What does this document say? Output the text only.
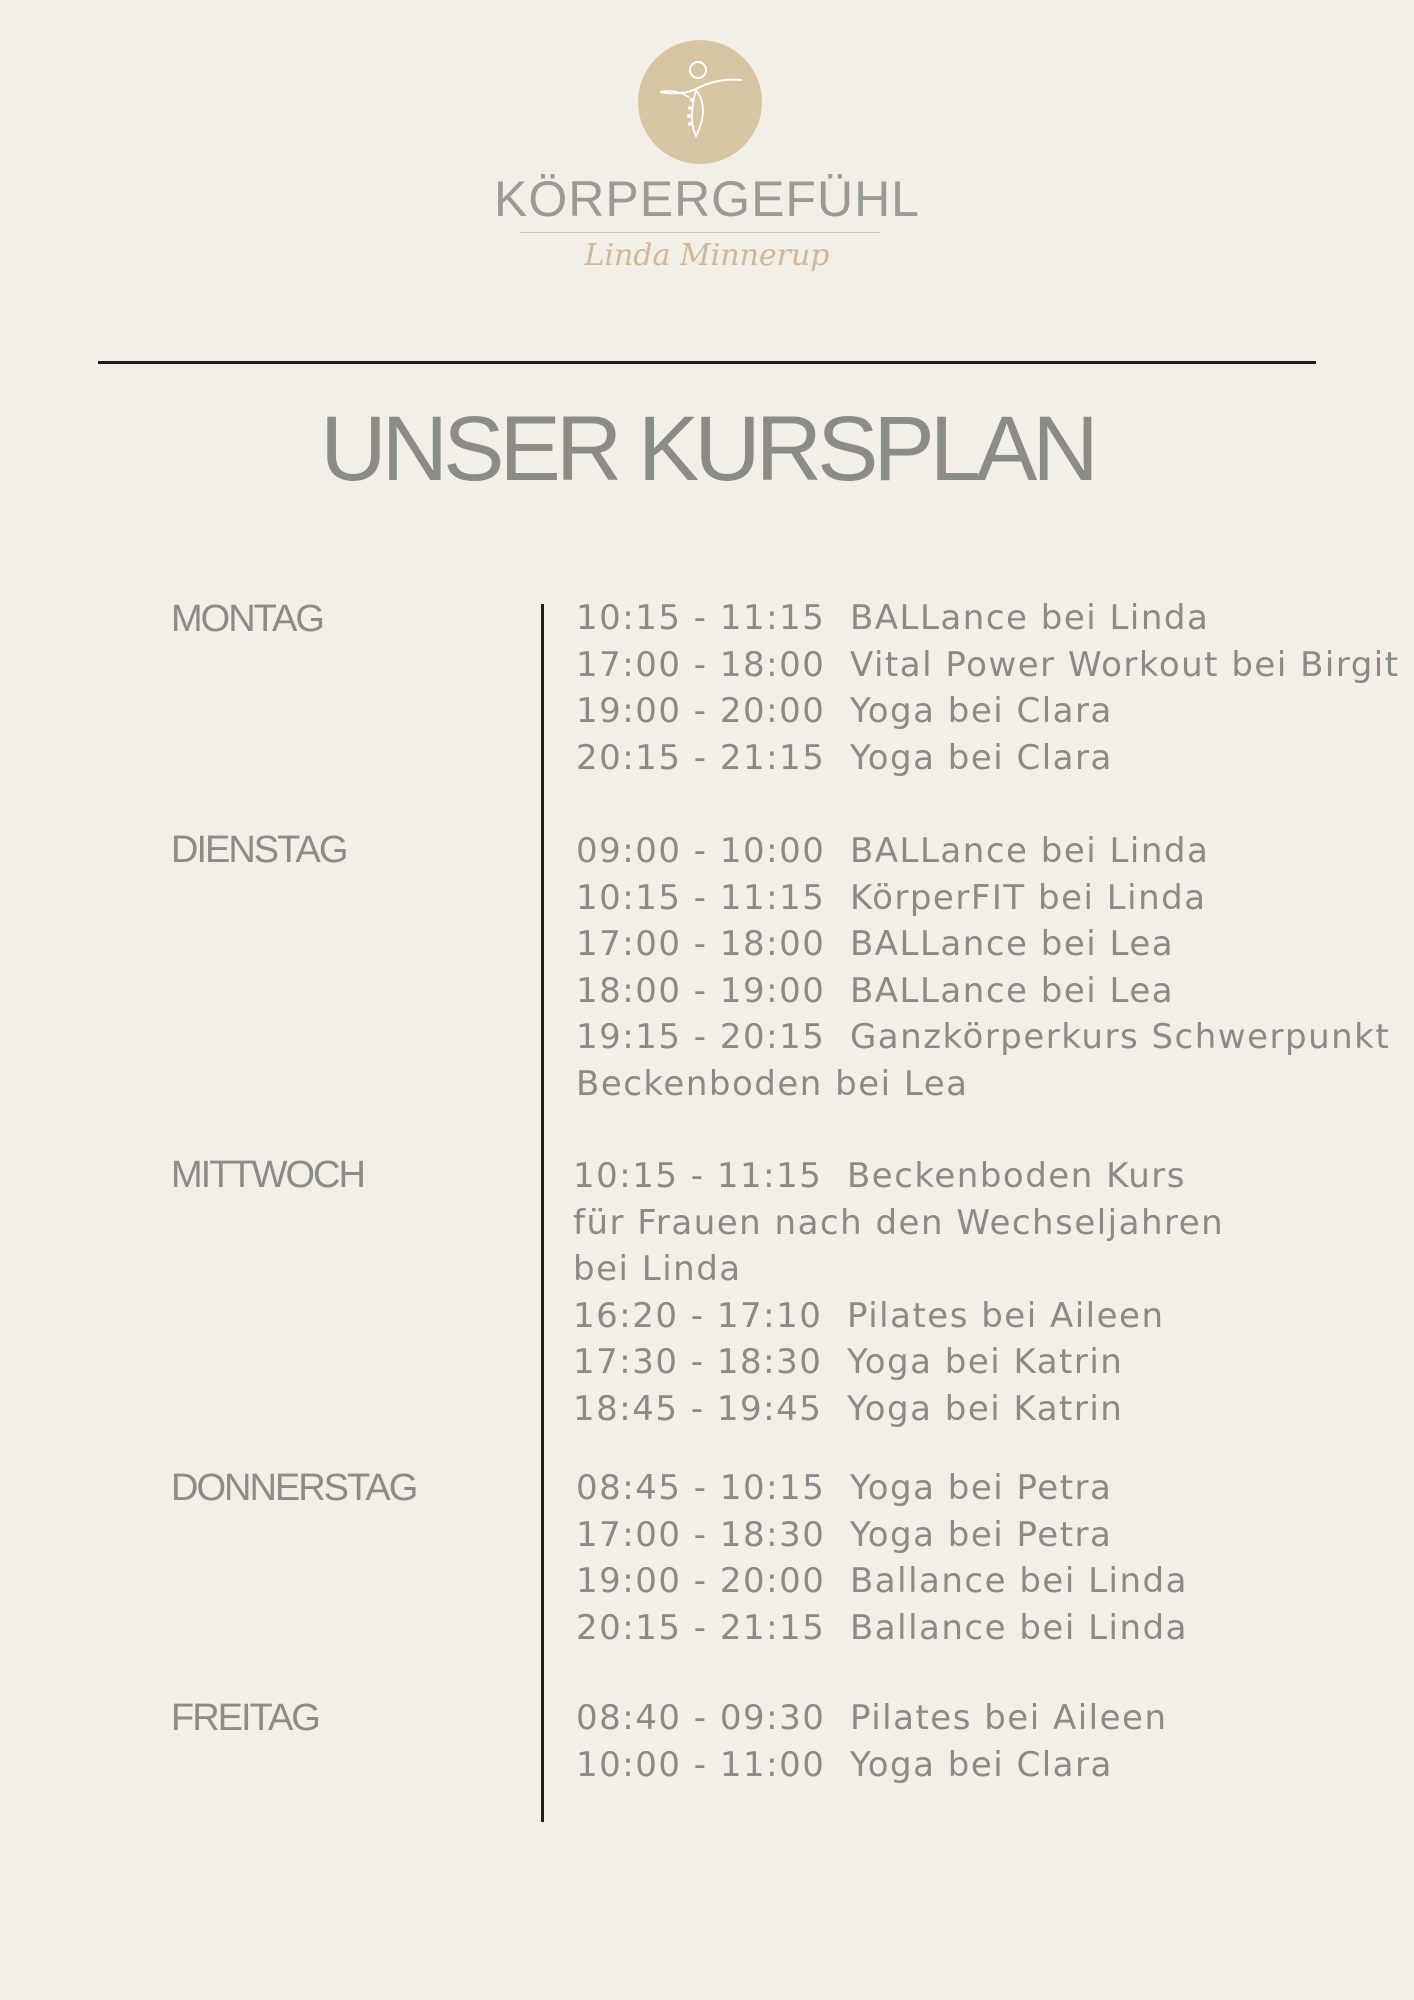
KÖRPERGEFÜHL
Linda Minnerup
UNSER KURSPLAN
MONTAG	10:15 - 11:15  BALLance bei Linda
17:00 - 18:00  Vital Power Workout bei Birgit
19:00 - 20:00  Yoga bei Clara
20:15 - 21:15  Yoga bei Clara
DIENSTAG	09:00 - 10:00  BALLance bei Linda
10:15 - 11:15  KörperFIT bei Linda
17:00 - 18:00  BALLance bei Lea
18:00 - 19:00  BALLance bei Lea
19:15 - 20:15  Ganzkörperkurs Schwerpunkt
Beckenboden bei Lea
MITTWOCH	10:15 - 11:15  Beckenboden Kurs
für Frauen nach den Wechseljahren
bei Linda
16:20 - 17:10  Pilates bei Aileen
17:30 - 18:30  Yoga bei Katrin
18:45 - 19:45  Yoga bei Katrin
DONNERSTAG	08:45 - 10:15  Yoga bei Petra
17:00 - 18:30  Yoga bei Petra
19:00 - 20:00  Ballance bei Linda
20:15 - 21:15  Ballance bei Linda
FREITAG	08:40 - 09:30  Pilates bei Aileen
10:00 - 11:00  Yoga bei Clara
